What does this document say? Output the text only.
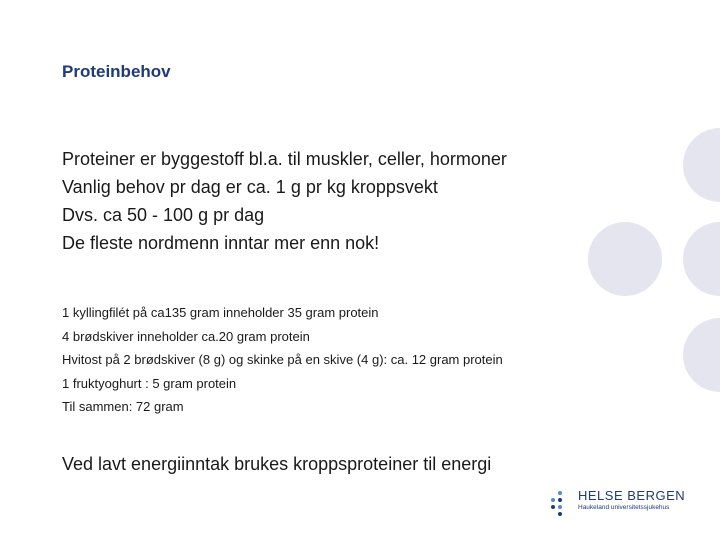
Proteinbehov
Proteiner er byggestoff bl.a. til muskler, celler, hormoner
Vanlig behov pr dag er ca. 1 g pr kg kroppsvekt
Dvs. ca 50 - 100 g pr dag
De fleste nordmenn inntar mer enn nok!
1 kyllingfilét på ca135 gram inneholder 35 gram protein
4 brødskiver inneholder ca.20 gram protein
Hvitost på 2 brødskiver (8 g) og skinke på en skive (4 g): ca. 12 gram protein
1 fruktyoghurt : 5 gram protein
Til sammen: 72 gram

Ved lavt energiinntak brukes kroppsproteiner til energi

HELSE BERGEN
Haukeland universitetssjukehus
